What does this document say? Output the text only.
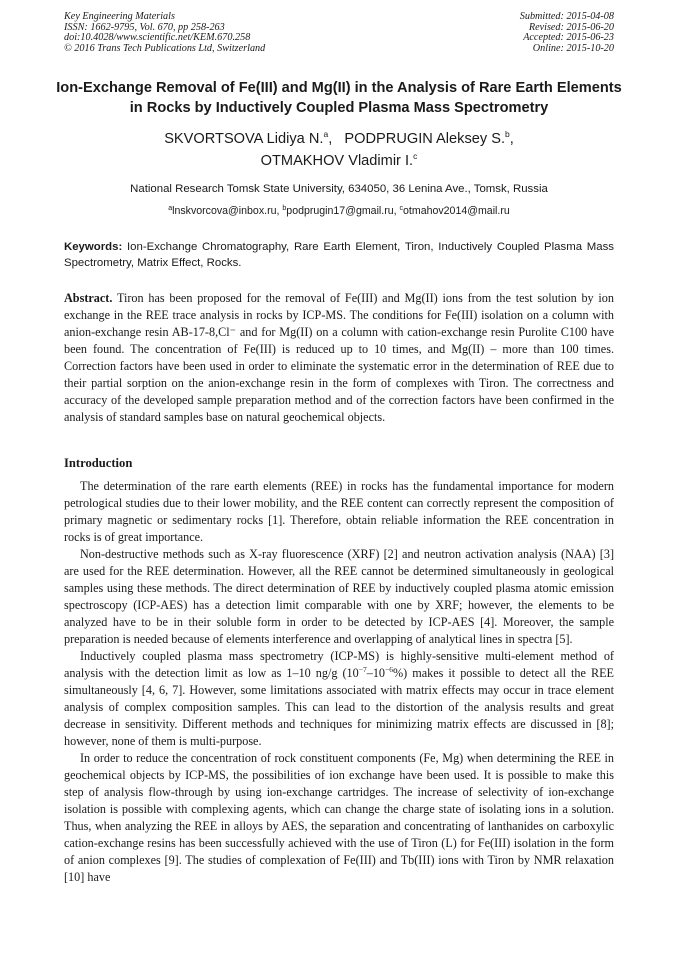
Key Engineering Materials
ISSN: 1662-9795, Vol. 670, pp 258-263
doi:10.4028/www.scientific.net/KEM.670.258
© 2016 Trans Tech Publications Ltd, Switzerland
Submitted: 2015-04-08
Revised: 2015-06-20
Accepted: 2015-06-23
Online: 2015-10-20
Ion-Exchange Removal of Fe(III) and Mg(II) in the Analysis of Rare Earth Elements in Rocks by Inductively Coupled Plasma Mass Spectrometry
SKVORTSOVA Lidiya N.$^a$,   PODPRUGIN Aleksey S.$^b$,
OTMAKHOV Vladimir I.$^c$
National Research Tomsk State University, 634050, 36 Lenina Ave., Tomsk, Russia
$^a$lnskvorcova@inbox.ru, $^b$podprugin17@gmail.ru, $^c$otmahov2014@mail.ru
Keywords: Ion-Exchange Chromatography, Rare Earth Element, Tiron, Inductively Coupled Plasma Mass Spectrometry, Matrix Effect, Rocks.
Abstract. Tiron has been proposed for the removal of Fe(III) and Mg(II) ions from the test solution by ion exchange in the REE trace analysis in rocks by ICP-MS. The conditions for Fe(III) isolation on a column with anion-exchange resin AB-17-8,Cl⁻ and for Mg(II) on a column with cation-exchange resin Purolite C100 have been found. The concentration of Fe(III) is reduced up to 10 times, and Mg(II) – more than 100 times. Correction factors have been used in order to eliminate the systematic error in the determination of REE due to their partial sorption on the anion-exchange resin in the form of complexes with Tiron. The correctness and accuracy of the developed sample preparation method and of the correction factors have been confirmed in the analysis of standard samples base on natural geochemical objects.
Introduction

The determination of the rare earth elements (REE) in rocks has the fundamental importance for modern petrological studies due to their lower mobility, and the REE content can correctly represent the composition of primary magnetic or sedimentary rocks [1]. Therefore, obtain reliable information the REE concentration in rocks is of great importance.

Non-destructive methods such as X-ray fluorescence (XRF) [2] and neutron activation analysis (NAA) [3] are used for the REE determination. However, all the REE cannot be determined simultaneously in geological samples using these methods. The direct determination of REE by inductively coupled plasma atomic emission spectroscopy (ICP-AES) has a detection limit comparable with one by XRF; however, the elements to be analyzed have to be in their soluble form in order to be detected by ICP-AES [4]. Moreover, the sample preparation is needed because of elements interference and overlapping of analytical lines in spectra [5].

Inductively coupled plasma mass spectrometry (ICP-MS) is highly-sensitive multi-element method of analysis with the detection limit as low as 1–10 ng/g $(10^{-7}-10^{-6}\%)$ makes it possible to detect all the REE simultaneously [4, 6, 7]. However, some limitations associated with matrix effects may occur in trace element analysis of complex composition samples. This can lead to the distortion of the analysis results and great decrease in sensitivity. Different methods and techniques for minimizing matrix effects are discussed in [8]; however, none of them is multi-purpose.

In order to reduce the concentration of rock constituent components (Fe, Mg) when determining the REE in geochemical objects by ICP-MS, the possibilities of ion exchange have been used. It is possible to make this step of analysis flow-through by using ion-exchange cartridges. The increase of selectivity of ion-exchange isolation is possible with complexing agents, which can change the charge state of isolating ions in a solution. Thus, when analyzing the REE in alloys by AES, the separation and concentrating of lanthanides on carboxylic cation-exchange resins has been successfully achieved with the use of Tiron (L) for Fe(III) isolation in the form of anion complexes [9]. The studies of complexation of Fe(III) and Tb(III) ions with Tiron by NMR relaxation [10] have
